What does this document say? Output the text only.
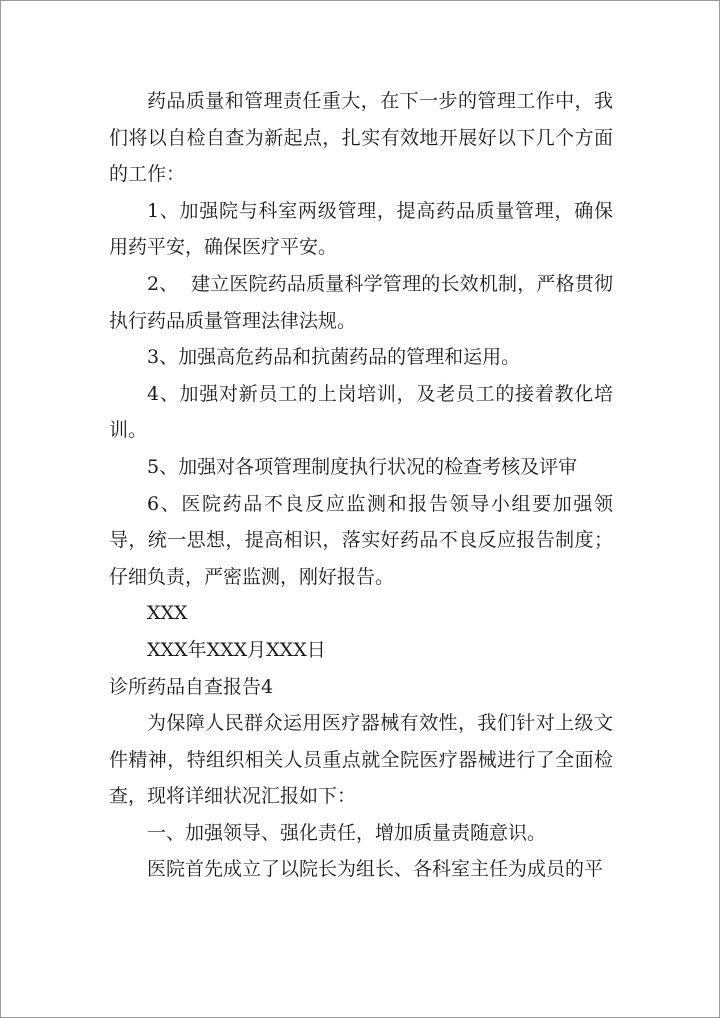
药品质量和管理责任重大，在下一步的管理工作中，我们将以自检自查为新起点，扎实有效地开展好以下几个方面的工作：

1、加强院与科室两级管理，提高药品质量管理，确保用药平安，确保医疗平安。

2、  建立医院药品质量科学管理的长效机制，严格贯彻执行药品质量管理法律法规。

3、加强高危药品和抗菌药品的管理和运用。

4、加强对新员工的上岗培训，及老员工的接着教化培训。

5、加强对各项管理制度执行状况的检查考核及评审

6、医院药品不良反应监测和报告领导小组要加强领导，统一思想，提高相识，落实好药品不良反应报告制度；仔细负责，严密监测，刚好报告。

XXX

XXX年XXX月XXX日

诊所药品自查报告4

为保障人民群众运用医疗器械有效性，我们针对上级文件精神，特组织相关人员重点就全院医疗器械进行了全面检查，现将详细状况汇报如下：

一、加强领导、强化责任，增加质量责随意识。

医院首先成立了以院长为组长、各科室主任为成员的平
